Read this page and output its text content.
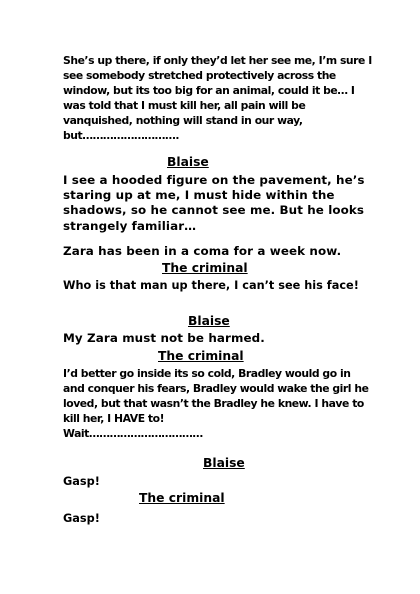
She’s up there, if only they’d let her see me, I’m sure I see somebody stretched protectively across the window, but its too big for an animal, could it be… I was told that I must kill her, all pain will be vanquished, nothing will stand in our way, but……………………….

Blaise

I see a hooded figure on the pavement, he’s staring up at me, I must hide within the shadows, so he cannot see me. But he looks strangely familiar…

Zara has been in a coma for a week now.

The criminal

Who is that man up there, I can’t see his face!

Blaise

My Zara must not be harmed.

The criminal

I’d better go inside its so cold, Bradley would go in and conquer his fears, Bradley would wake the girl he loved, but that wasn’t the Bradley he knew. I have to kill her, I HAVE to!

Wait……………………………

Blaise

Gasp!

The criminal

Gasp!
